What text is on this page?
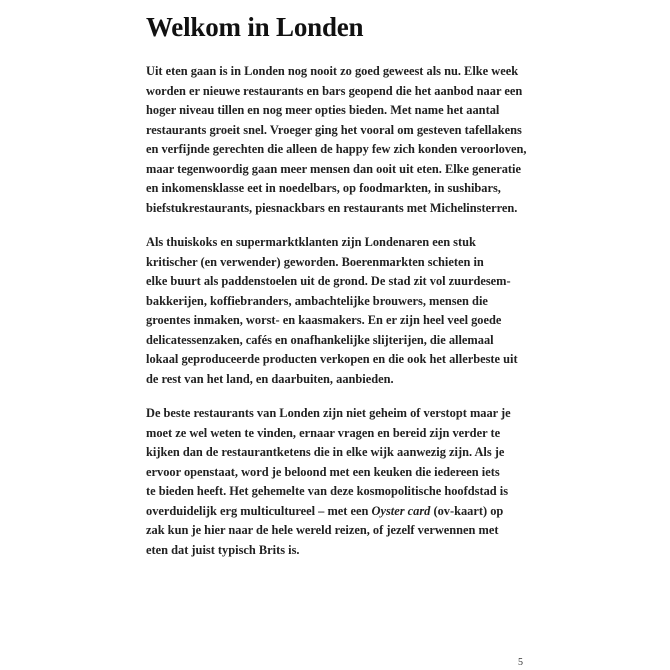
Welkom in Londen

Uit eten gaan is in Londen nog nooit zo goed geweest als nu. Elke week
worden er nieuwe restaurants en bars geopend die het aanbod naar een
hoger niveau tillen en nog meer opties bieden. Met name het aantal
restaurants groeit snel. Vroeger ging het vooral om gesteven tafellakens
en verfijnde gerechten die alleen de happy few zich konden veroorloven,
maar tegenwoordig gaan meer mensen dan ooit uit eten. Elke generatie
en inkomensklasse eet in noedelbars, op foodmarkten, in sushibars,
biefstukrestaurants, piesnackbars en restaurants met Michelinsterren.

Als thuiskoks en supermarktklanten zijn Londenaren een stuk
kritischer (en verwender) geworden. Boerenmarkten schieten in
elke buurt als paddenstoelen uit de grond. De stad zit vol zuurdesem-
bakkerijen, koffiebranders, ambachtelijke brouwers, mensen die
groentes inmaken, worst- en kaasmakers. En er zijn heel veel goede
delicatessenzaken, cafés en onafhankelijke slijterijen, die allemaal
lokaal geproduceerde producten verkopen en die ook het allerbeste uit
de rest van het land, en daarbuiten, aanbieden.

De beste restaurants van Londen zijn niet geheim of verstopt maar je
moet ze wel weten te vinden, ernaar vragen en bereid zijn verder te
kijken dan de restaurantketens die in elke wijk aanwezig zijn. Als je
ervoor openstaat, word je beloond met een keuken die iedereen iets
te bieden heeft. Het gehemelte van deze kosmopolitische hoofdstad is
overduidelijk erg multicultureel – met een Oyster card (ov-kaart) op
zak kun je hier naar de hele wereld reizen, of jezelf verwennen met
eten dat juist typisch Brits is.

5
